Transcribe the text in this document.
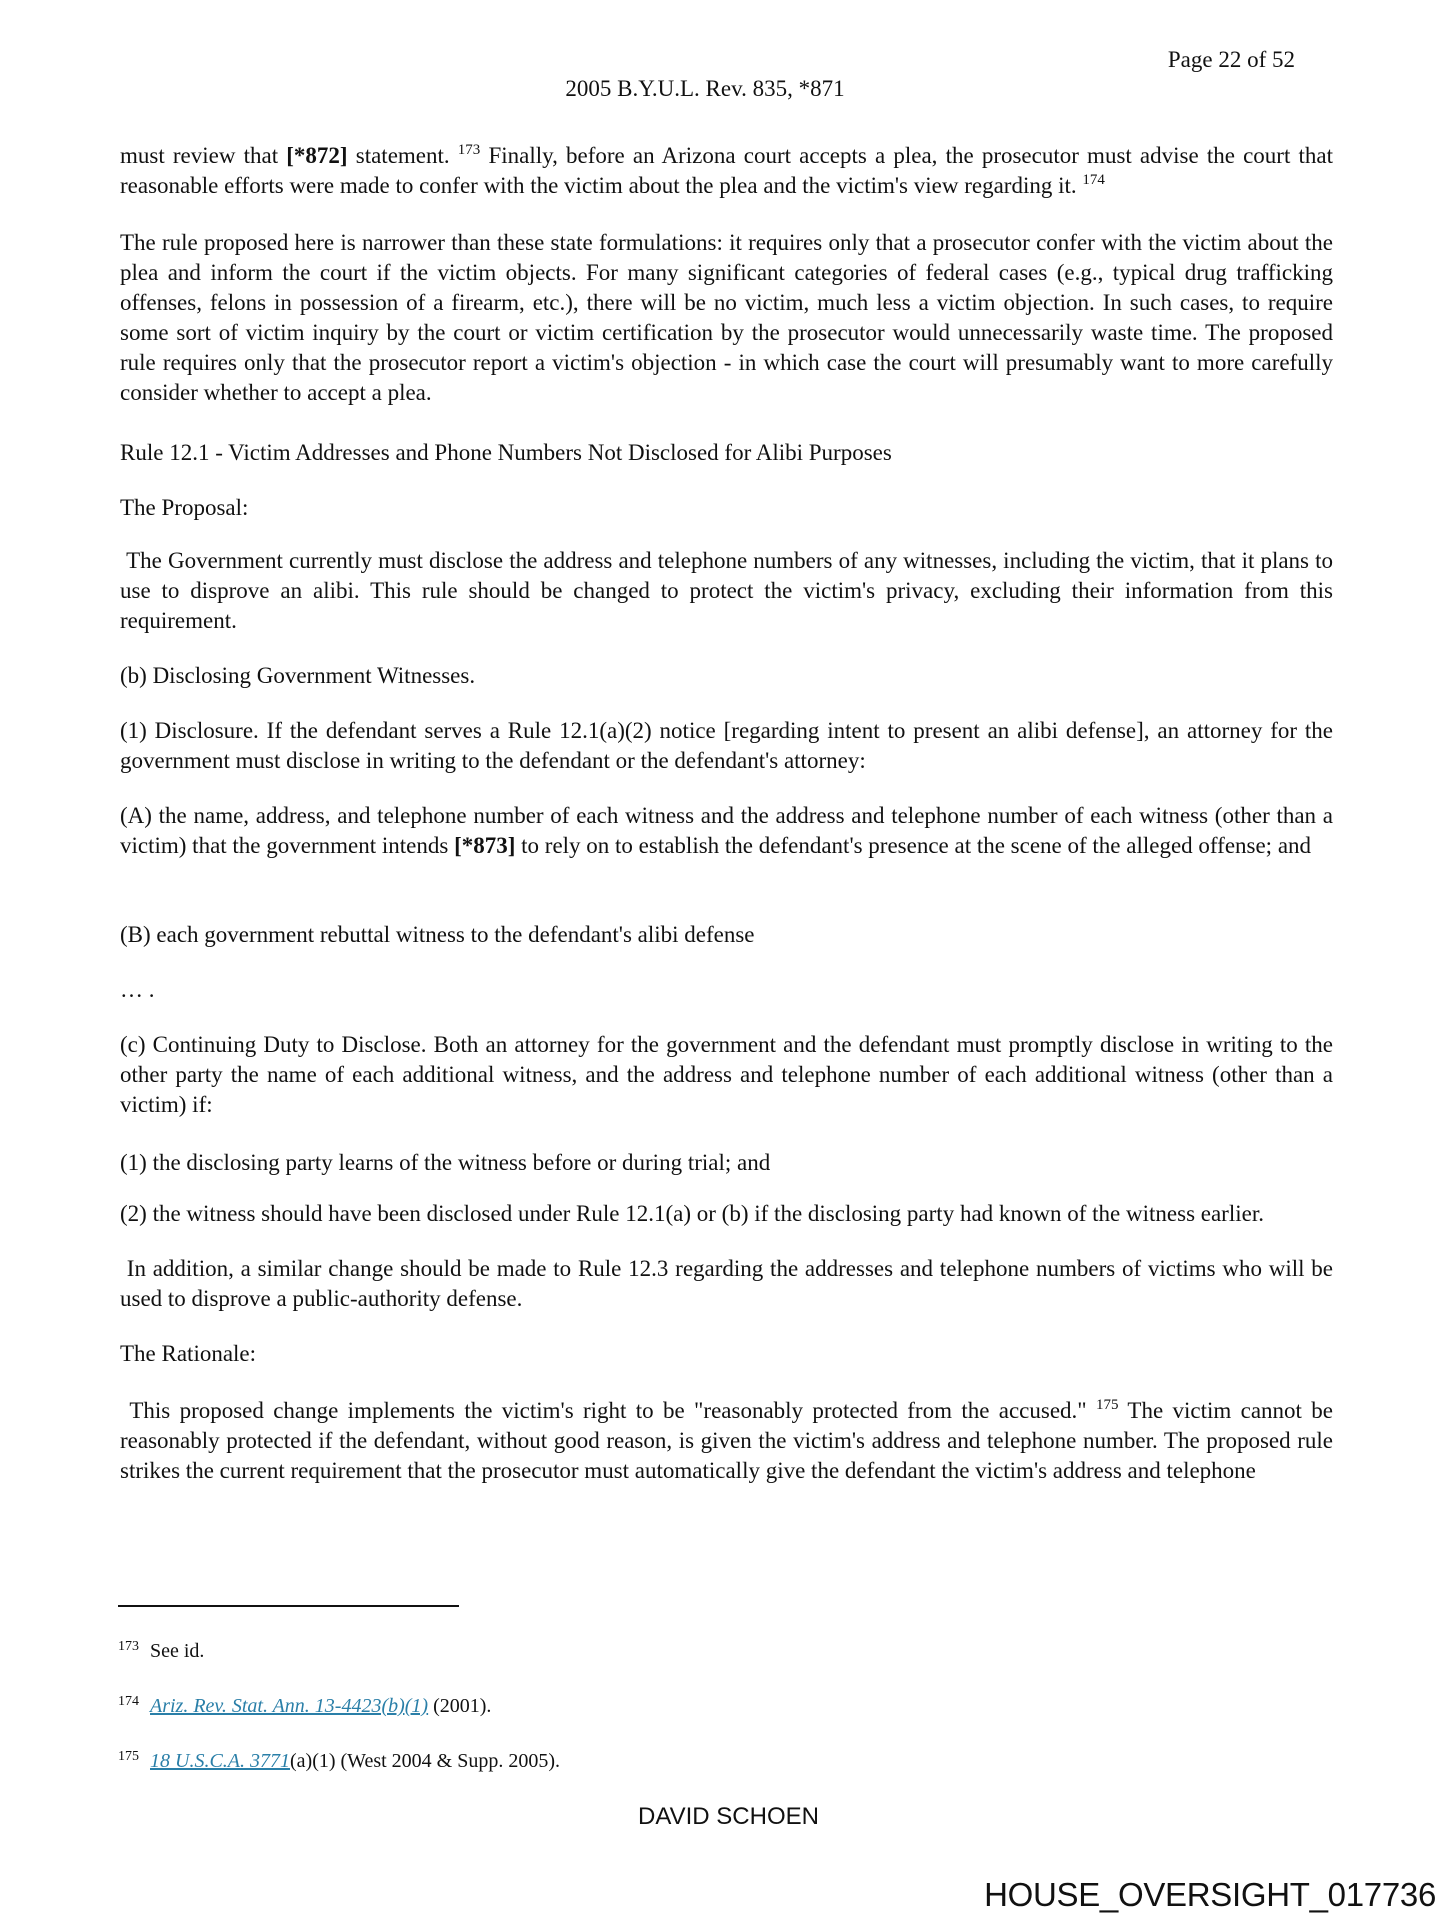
Page 22 of 52
2005 B.Y.U.L. Rev. 835, *871

must review that [*872] statement. $^{173}$ Finally, before an Arizona court accepts a plea, the prosecutor must advise the court that reasonable efforts were made to confer with the victim about the plea and the victim's view regarding it. $^{174}$

The rule proposed here is narrower than these state formulations: it requires only that a prosecutor confer with the victim about the plea and inform the court if the victim objects. For many significant categories of federal cases (e.g., typical drug trafficking offenses, felons in possession of a firearm, etc.), there will be no victim, much less a victim objection. In such cases, to require some sort of victim inquiry by the court or victim certification by the prosecutor would unnecessarily waste time. The proposed rule requires only that the prosecutor report a victim's objection - in which case the court will presumably want to more carefully consider whether to accept a plea.

Rule 12.1 - Victim Addresses and Phone Numbers Not Disclosed for Alibi Purposes

The Proposal:

The Government currently must disclose the address and telephone numbers of any witnesses, including the victim, that it plans to use to disprove an alibi. This rule should be changed to protect the victim's privacy, excluding their information from this requirement.

(b) Disclosing Government Witnesses.

(1) Disclosure. If the defendant serves a Rule 12.1(a)(2) notice [regarding intent to present an alibi defense], an attorney for the government must disclose in writing to the defendant or the defendant's attorney:

(A) the name, address, and telephone number of each witness and the address and telephone number of each witness (other than a victim) that the government intends [*873] to rely on to establish the defendant's presence at the scene of the alleged offense; and

(B) each government rebuttal witness to the defendant's alibi defense

… .

(c) Continuing Duty to Disclose. Both an attorney for the government and the defendant must promptly disclose in writing to the other party the name of each additional witness, and the address and telephone number of each additional witness (other than a victim) if:

(1) the disclosing party learns of the witness before or during trial; and

(2) the witness should have been disclosed under Rule 12.1(a) or (b) if the disclosing party had known of the witness earlier.

In addition, a similar change should be made to Rule 12.3 regarding the addresses and telephone numbers of victims who will be used to disprove a public-authority defense.

The Rationale:

This proposed change implements the victim's right to be "reasonably protected from the accused." $^{175}$ The victim cannot be reasonably protected if the defendant, without good reason, is given the victim's address and telephone number. The proposed rule strikes the current requirement that the prosecutor must automatically give the defendant the victim's address and telephone

173 See id.
174 Ariz. Rev. Stat. Ann. 13-4423(b)(1) (2001).
175 18 U.S.C.A. 3771(a)(1) (West 2004 & Supp. 2005).
DAVID SCHOEN
HOUSE_OVERSIGHT_017736
